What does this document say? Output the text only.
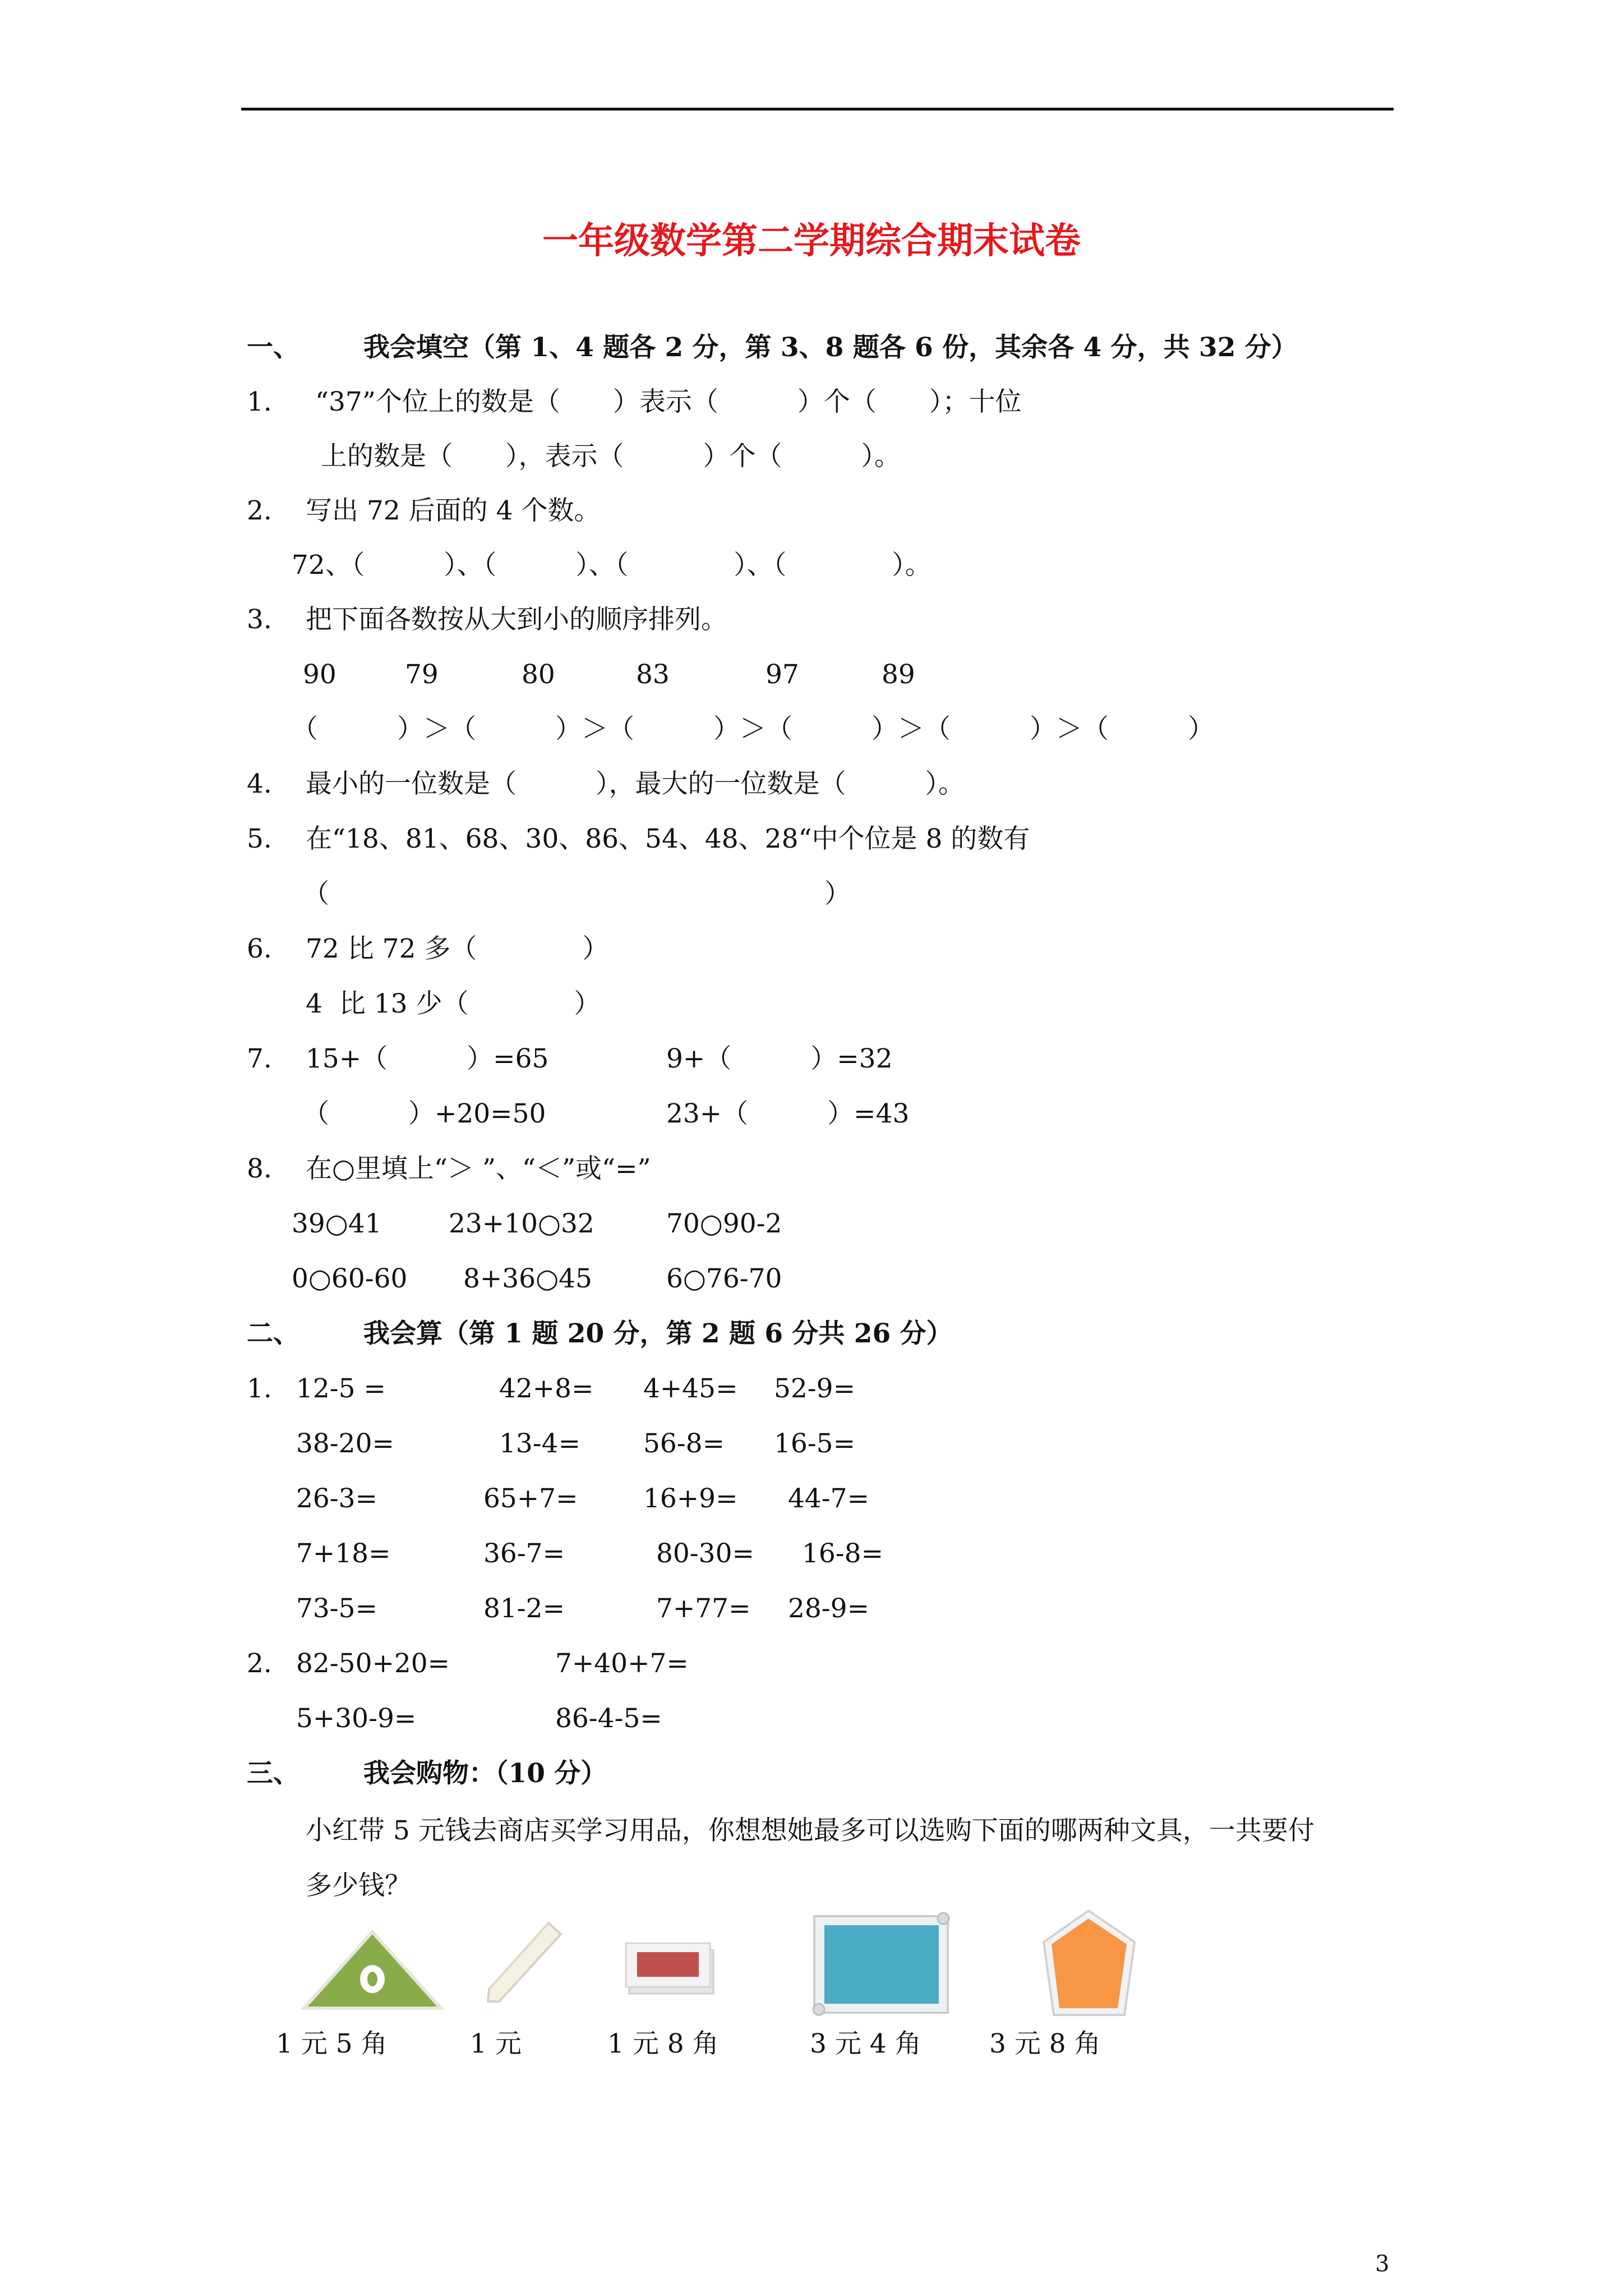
一年级数学第二学期综合期末试卷
一、 我会填空（第 1、4 题各 2 分，第 3、8 题各 6 份，其余各 4 分，共 32 分）
1. “37”个位上的数是（　　）表示（　　　）个（　　）；十位
上的数是（　　），表示（　　　）个（　　　）。
2. 写出 72 后面的 4 个数。
72、（　　　）、（　　　）、（　　　　）、（　　　　）。
3. 把下面各数按从大到小的顺序排列。
90	79	80	83	97	89
（　　　）＞（　　　）＞（　　　）＞（　　　）＞（　　　）＞（　　　）
4. 最小的一位数是（　　　），最大的一位数是（　　　）。
5. 在“18、81、68、30、86、54、48、28“中个位是 8 的数有
（	）
6. 72 比 72 多（　　　　）
4  比 13 少（　　　　）
7. 15+（　　　）=65	9+（　　　）=32
（　　　）+20=50	23+（　　　）=43
8. 在○里填上“＞ ”、“＜”或“=”
39○41	23+10○32	70○90-2
0○60-60 8+36○45	6○76-70
二、 我会算（第 1 题 20 分，第 2 题 6 分共 26 分）
1. 12-5 =	42+8= 4+45= 52-9=
38-20=	13-4= 56-8= 16-5=
26-3=	65+7= 16+9= 44-7=
7+18=	36-7=	80-30= 16-8=
73-5=	81-2=	7+77= 28-9=
2. 82-50+20=	7+40+7=
5+30-9=	86-4-5=
三、 我会购物：（10 分）
小红带 5 元钱去商店买学习用品，你想想她最多可以选购下面的哪两种文具，一共要付
多少钱？
1 元 5 角	1 元	1 元 8 角	3 元 4 角	3 元 8 角
3
